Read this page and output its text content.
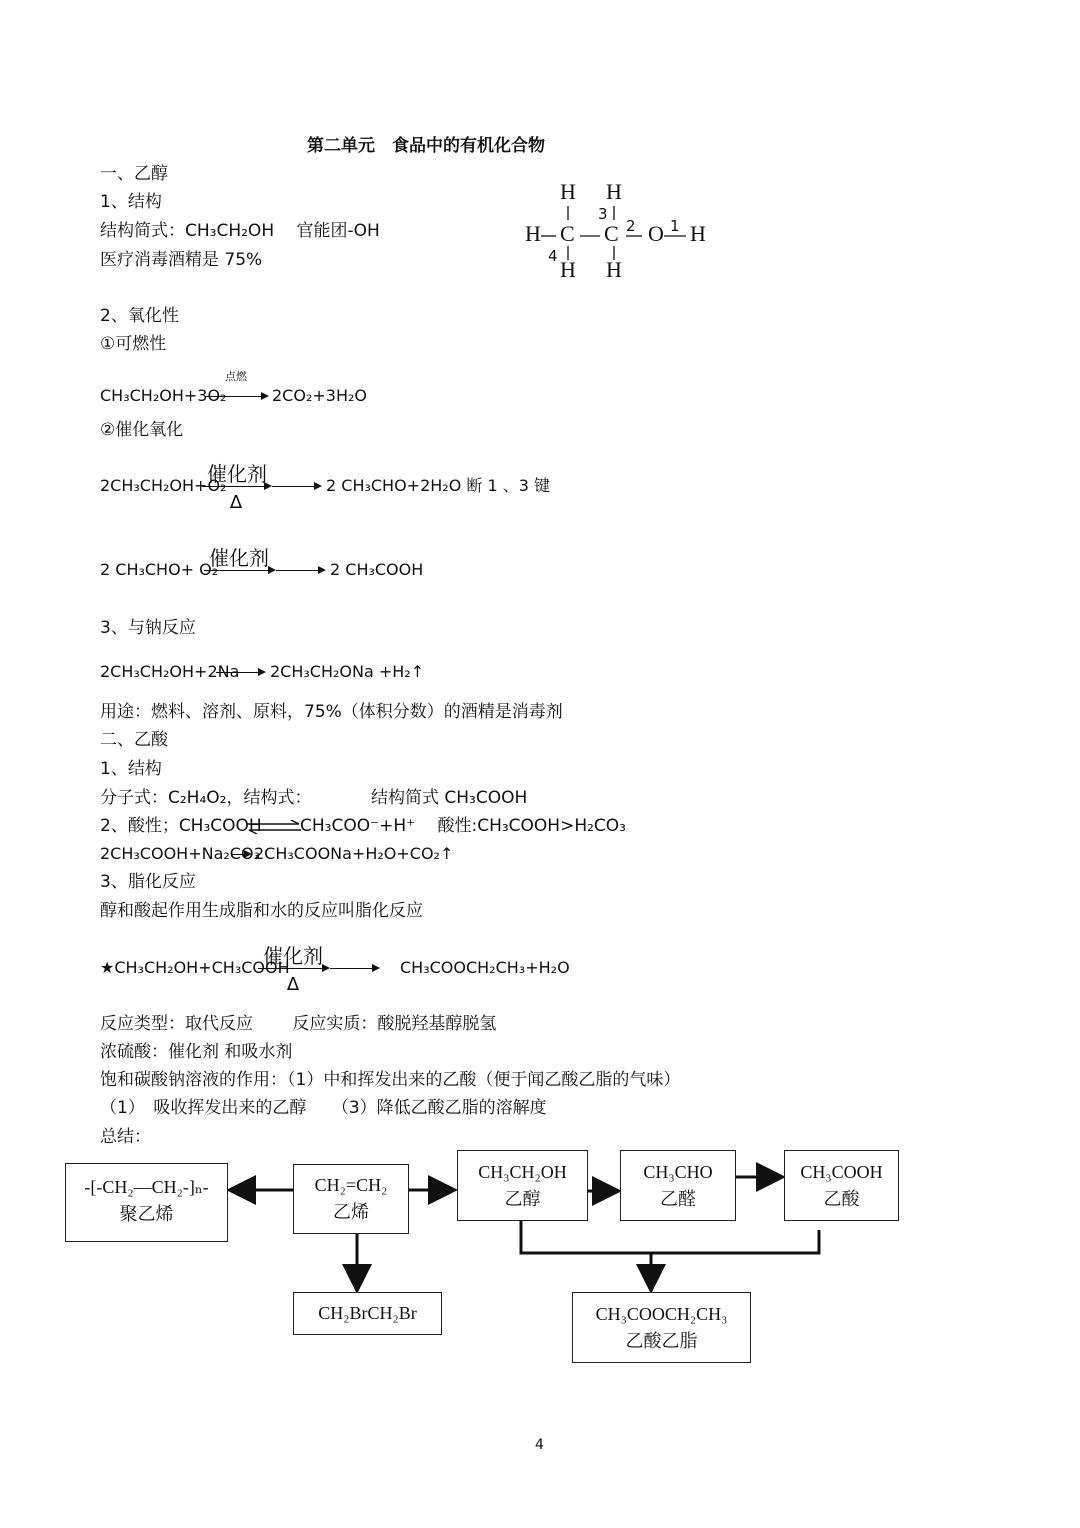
第二单元　食品中的有机化合物
一、乙醇
1、结构
结构简式：CH₃CH₂OH　 官能团-OH
医疗消毒酒精是 75%
H H
H C C O H
H H
3
2 1
4
2、氧化性
①可燃性
点燃
CH₃CH₂OH+3O₂ → 2CO₂+3H₂O
②催化氧化
催化剂
2CH₃CH₂OH+O₂
Δ
2 CH₃CHO+2H₂O 断 1 、3 键
催化剂
2 CH₃CHO+ O₂	→ 2 CH₃COOH
3、与钠反应
2CH₃CH₂OH+2Na → 2CH₃CH₂ONa +H₂↑
用途：燃料、溶剂、原料，75%（体积分数）的酒精是消毒剂
二、乙酸
1、结构
分子式：C₂H₄O₂，结构式：　　　　结构简式 CH₃COOH
2、酸性；CH₃COOH ⇌ CH₃COO⁻+H⁺　 酸性:CH₃COOH>H₂CO₃
2CH₃COOH+Na₂CO₃
2CH₃COONa+H₂O+CO₂↑
3、脂化反应
醇和酸起作用生成脂和水的反应叫脂化反应
催化剂
★CH₃CH₂OH+CH₃COOH
Δ
CH₃COOCH₂CH₃+H₂O
反应类型：取代反应　　 反应实质：酸脱羟基醇脱氢
浓硫酸：催化剂 和吸水剂
饱和碳酸钠溶液的作用：（1）中和挥发出来的乙酸（便于闻乙酸乙脂的气味）
（1）　吸收挥发出来的乙醇　　（3）降低乙酸乙脂的溶解度
总结：
-[-CH₂—CH₂-]ₙ-
聚乙烯
CH₂=CH₂
乙烯
CH₃CH₂OH
乙醇
CH₃CHO
乙醛
CH₃COOH
乙酸
CH₂BrCH₂Br	CH₃COOCH₂CH₃
乙酸乙脂
4
